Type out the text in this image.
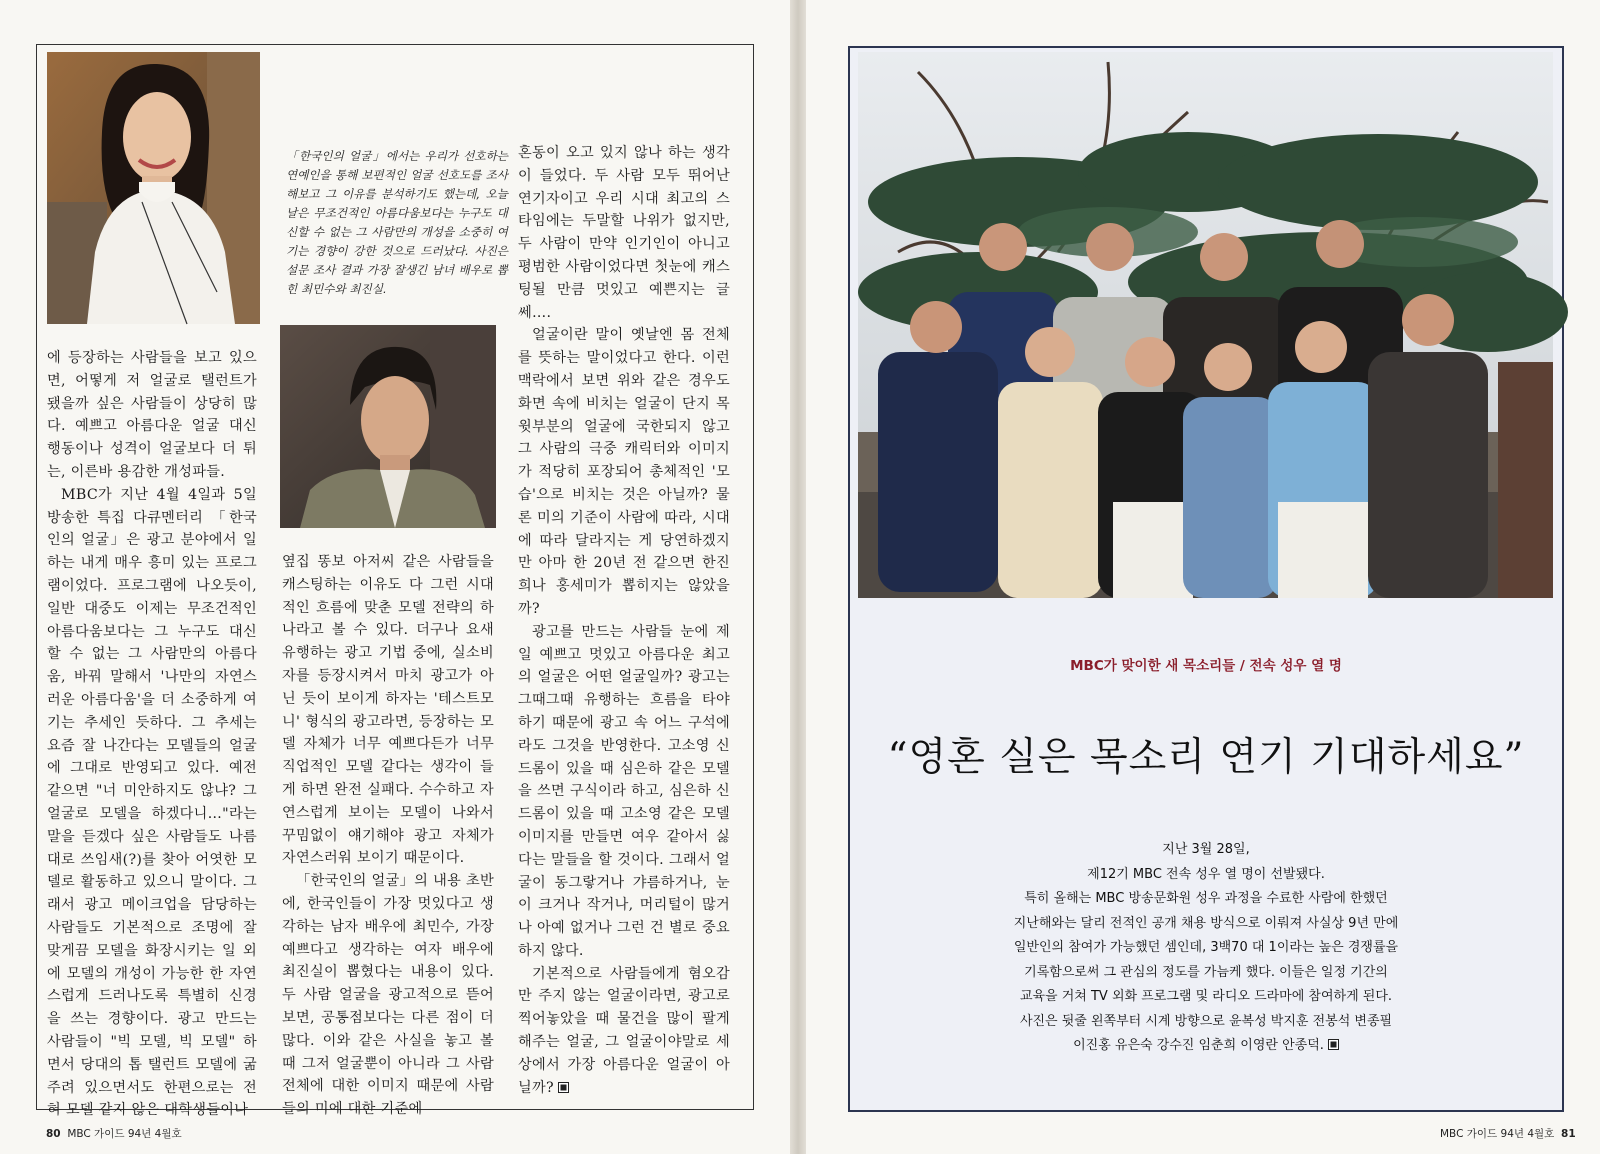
「한국인의 얼굴」에서는 우리가 선호하는 연예인을 통해 보편적인 얼굴 선호도를 조사해보고 그 이유를 분석하기도 했는데, 오늘날은 무조건적인 아름다움보다는 누구도 대신할 수 없는 그 사람만의 개성을 소중히 여기는 경향이 강한 것으로 드러났다. 사진은 설문 조사 결과 가장 잘생긴 남녀 배우로 뽑힌 최민수와 최진실.

에 등장하는 사람들을 보고 있으면, 어떻게 저 얼굴로 탤런트가 됐을까 싶은 사람들이 상당히 많다. 예쁘고 아름다운 얼굴 대신 행동이나 성격이 얼굴보다 더 튀는, 이른바 용감한 개성파들.

MBC가 지난 4월 4일과 5일 방송한 특집 다큐멘터리 「한국인의 얼굴」은 광고 분야에서 일하는 내게 매우 흥미 있는 프로그램이었다. 프로그램에 나오듯이, 일반 대중도 이제는 무조건적인 아름다움보다는 그 누구도 대신할 수 없는 그 사람만의 아름다움, 바꿔 말해서 '나만의 자연스러운 아름다움'을 더 소중하게 여기는 추세인 듯하다. 그 추세는 요즘 잘 나간다는 모델들의 얼굴에 그대로 반영되고 있다. 예전 같으면 "너 미안하지도 않냐? 그 얼굴로 모델을 하겠다니…"라는 말을 듣겠다 싶은 사람들도 나름대로 쓰임새(?)를 찾아 어엿한 모델로 활동하고 있으니 말이다. 그래서 광고 메이크업을 담당하는 사람들도 기본적으로 조명에 잘 맞게끔 모델을 화장시키는 일 외에 모델의 개성이 가능한 한 자연스럽게 드러나도록 특별히 신경을 쓰는 경향이다. 광고 만드는 사람들이 "빅 모델, 빅 모델" 하면서 당대의 톱 탤런트 모델에 굶주려 있으면서도 한편으로는 전혀 모델 같지 않은 대학생들이나

옆집 똥보 아저씨 같은 사람들을 캐스팅하는 이유도 다 그런 시대적인 흐름에 맞춘 모델 전략의 하나라고 볼 수 있다. 더구나 요새 유행하는 광고 기법 중에, 실소비자를 등장시켜서 마치 광고가 아닌 듯이 보이게 하자는 '테스트모니' 형식의 광고라면, 등장하는 모델 자체가 너무 예쁘다든가 너무 직업적인 모델 같다는 생각이 들게 하면 완전 실패다. 수수하고 자연스럽게 보이는 모델이 나와서 꾸밈없이 얘기해야 광고 자체가 자연스러워 보이기 때문이다.

「한국인의 얼굴」의 내용 초반에, 한국인들이 가장 멋있다고 생각하는 남자 배우에 최민수, 가장 예쁘다고 생각하는 여자 배우에 최진실이 뽑혔다는 내용이 있다. 두 사람 얼굴을 광고적으로 뜯어보면, 공통점보다는 다른 점이 더 많다. 이와 같은 사실을 놓고 볼 때 그저 얼굴뿐이 아니라 그 사람 전체에 대한 이미지 때문에 사람들의 미에 대한 기준에

혼동이 오고 있지 않나 하는 생각이 들었다. 두 사람 모두 뛰어난 연기자이고 우리 시대 최고의 스타임에는 두말할 나위가 없지만, 두 사람이 만약 인기인이 아니고 평범한 사람이었다면 첫눈에 캐스팅될 만큼 멋있고 예쁜지는 글쎄….

얼굴이란 말이 옛날엔 몸 전체를 뜻하는 말이었다고 한다. 이런 맥락에서 보면 위와 같은 경우도 화면 속에 비치는 얼굴이 단지 목 윗부분의 얼굴에 국한되지 않고 그 사람의 극중 캐릭터와 이미지가 적당히 포장되어 총체적인 '모습'으로 비치는 것은 아닐까? 물론 미의 기준이 사람에 따라, 시대에 따라 달라지는 게 당연하겠지만 아마 한 20년 전 같으면 한진희나 홍세미가 뽑히지는 않았을까?

광고를 만드는 사람들 눈에 제일 예쁘고 멋있고 아름다운 최고의 얼굴은 어떤 얼굴일까? 광고는 그때그때 유행하는 흐름을 타야 하기 때문에 광고 속 어느 구석에라도 그것을 반영한다. 고소영 신드롬이 있을 때 심은하 같은 모델을 쓰면 구식이라 하고, 심은하 신드롬이 있을 때 고소영 같은 모델 이미지를 만들면 여우 같아서 싫다는 말들을 할 것이다. 그래서 얼굴이 동그랗거나 갸름하거나, 눈이 크거나 작거나, 머리털이 많거나 아예 없거나 그런 건 별로 중요하지 않다.

기본적으로 사람들에게 혐오감만 주지 않는 얼굴이라면, 광고로 찍어놓았을 때 물건을 많이 팔게 해주는 얼굴, 그 얼굴이야말로 세상에서 가장 아름다운 얼굴이 아닐까?

80 MBC 가이드 94년 4월호
MBC가 맞이한 새 목소리들 / 전속 성우 열 명
“영혼 실은 목소리 연기 기대하세요”
지난 3월 28일,
제12기 MBC 전속 성우 열 명이 선발됐다.
특히 올해는 MBC 방송문화원 성우 과정을 수료한 사람에 한했던
지난해와는 달리 전적인 공개 채용 방식으로 이뤄져 사실상 9년 만에
일반인의 참여가 가능했던 셈인데, 3백70 대 1이라는 높은 경쟁률을
기록함으로써 그 관심의 정도를 가늠케 했다. 이들은 일정 기간의
교육을 거쳐 TV 외화 프로그램 및 라디오 드라마에 참여하게 된다.
사진은 뒷줄 왼쪽부터 시계 방향으로 윤복성 박지훈 전봉석 변종필
이진홍 유은숙 강수진 임춘희 이영란 안종덕.
MBC 가이드 94년 4월호 81
